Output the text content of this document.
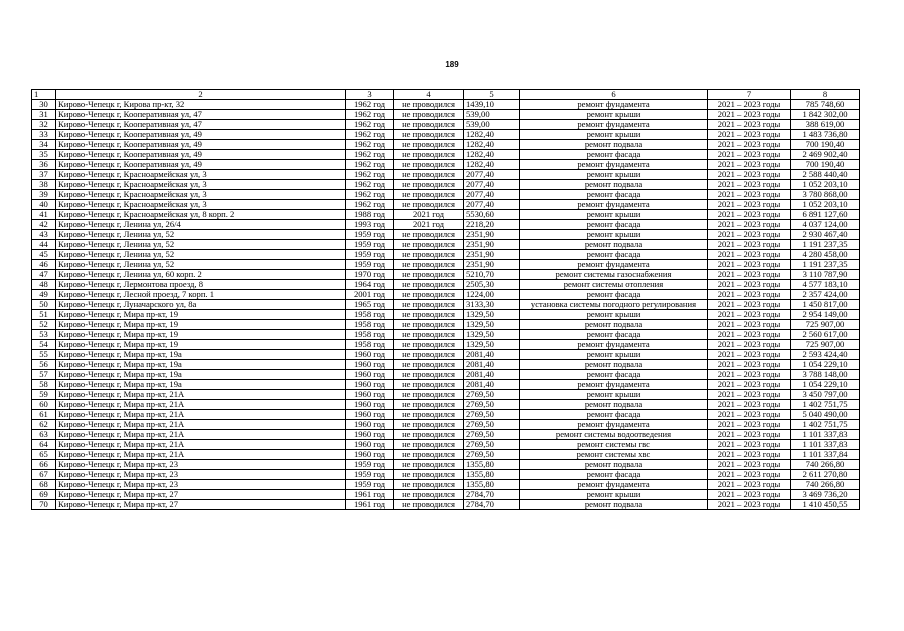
189
1	2	3	4	5	6	7	8
30	Кирово-Чепецк г, Кирова пр-кт, 32	1962 год	не проводился	1439,10	ремонт фундамента	2021 – 2023 годы	785 748,60
31	Кирово-Чепецк г, Кооперативная ул, 47	1962 год	не проводился	539,00	ремонт крыши	2021 – 2023 годы	1 842 302,00
32	Кирово-Чепецк г, Кооперативная ул, 47	1962 год	не проводился	539,00	ремонт фундамента	2021 – 2023 годы	388 619,00
33	Кирово-Чепецк г, Кооперативная ул, 49	1962 год	не проводился	1282,40	ремонт крыши	2021 – 2023 годы	1 483 736,80
34	Кирово-Чепецк г, Кооперативная ул, 49	1962 год	не проводился	1282,40	ремонт подвала	2021 – 2023 годы	700 190,40
35	Кирово-Чепецк г, Кооперативная ул, 49	1962 год	не проводился	1282,40	ремонт фасада	2021 – 2023 годы	2 469 902,40
36	Кирово-Чепецк г, Кооперативная ул, 49	1962 год	не проводился	1282,40	ремонт фундамента	2021 – 2023 годы	700 190,40
37	Кирово-Чепецк г, Красноармейская ул, 3	1962 год	не проводился	2077,40	ремонт крыши	2021 – 2023 годы	2 588 440,40
38	Кирово-Чепецк г, Красноармейская ул, 3	1962 год	не проводился	2077,40	ремонт подвала	2021 – 2023 годы	1 052 203,10
39	Кирово-Чепецк г, Красноармейская ул, 3	1962 год	не проводился	2077,40	ремонт фасада	2021 – 2023 годы	3 780 868,00
40	Кирово-Чепецк г, Красноармейская ул, 3	1962 год	не проводился	2077,40	ремонт фундамента	2021 – 2023 годы	1 052 203,10
41	Кирово-Чепецк г, Красноармейская ул, 8 корп. 2	1988 год	2021 год	5530,60	ремонт крыши	2021 – 2023 годы	6 891 127,60
42	Кирово-Чепецк г, Ленина ул, 26/4	1993 год	2021 год	2218,20	ремонт фасада	2021 – 2023 годы	4 037 124,00
43	Кирово-Чепецк г, Ленина ул, 52	1959 год	не проводился	2351,90	ремонт крыши	2021 – 2023 годы	2 930 467,40
44	Кирово-Чепецк г, Ленина ул, 52	1959 год	не проводился	2351,90	ремонт подвала	2021 – 2023 годы	1 191 237,35
45	Кирово-Чепецк г, Ленина ул, 52	1959 год	не проводился	2351,90	ремонт фасада	2021 – 2023 годы	4 280 458,00
46	Кирово-Чепецк г, Ленина ул, 52	1959 год	не проводился	2351,90	ремонт фундамента	2021 – 2023 годы	1 191 237,35
47	Кирово-Чепецк г, Ленина ул, 60 корп. 2	1970 год	не проводился	5210,70	ремонт системы газоснабжения	2021 – 2023 годы	3 110 787,90
48	Кирово-Чепецк г, Лермонтова проезд, 8	1964 год	не проводился	2505,30	ремонт системы отопления	2021 – 2023 годы	4 577 183,10
49	Кирово-Чепецк г, Лесной проезд, 7 корп. 1	2001 год	не проводился	1224,00	ремонт фасада	2021 – 2023 годы	2 357 424,00
50	Кирово-Чепецк г, Луначарского ул, 8а	1965 год	не проводился	3133,30	установка системы погодного регулирования	2021 – 2023 годы	1 450 817,00
51	Кирово-Чепецк г, Мира пр-кт, 19	1958 год	не проводился	1329,50	ремонт крыши	2021 – 2023 годы	2 954 149,00
52	Кирово-Чепецк г, Мира пр-кт, 19	1958 год	не проводился	1329,50	ремонт подвала	2021 – 2023 годы	725 907,00
53	Кирово-Чепецк г, Мира пр-кт, 19	1958 год	не проводился	1329,50	ремонт фасада	2021 – 2023 годы	2 560 617,00
54	Кирово-Чепецк г, Мира пр-кт, 19	1958 год	не проводился	1329,50	ремонт фундамента	2021 – 2023 годы	725 907,00
55	Кирово-Чепецк г, Мира пр-кт, 19а	1960 год	не проводился	2081,40	ремонт крыши	2021 – 2023 годы	2 593 424,40
56	Кирово-Чепецк г, Мира пр-кт, 19а	1960 год	не проводился	2081,40	ремонт подвала	2021 – 2023 годы	1 054 229,10
57	Кирово-Чепецк г, Мира пр-кт, 19а	1960 год	не проводился	2081,40	ремонт фасада	2021 – 2023 годы	3 788 148,00
58	Кирово-Чепецк г, Мира пр-кт, 19а	1960 год	не проводился	2081,40	ремонт фундамента	2021 – 2023 годы	1 054 229,10
59	Кирово-Чепецк г, Мира пр-кт, 21А	1960 год	не проводился	2769,50	ремонт крыши	2021 – 2023 годы	3 450 797,00
60	Кирово-Чепецк г, Мира пр-кт, 21А	1960 год	не проводился	2769,50	ремонт подвала	2021 – 2023 годы	1 402 751,75
61	Кирово-Чепецк г, Мира пр-кт, 21А	1960 год	не проводился	2769,50	ремонт фасада	2021 – 2023 годы	5 040 490,00
62	Кирово-Чепецк г, Мира пр-кт, 21А	1960 год	не проводился	2769,50	ремонт фундамента	2021 – 2023 годы	1 402 751,75
63	Кирово-Чепецк г, Мира пр-кт, 21А	1960 год	не проводился	2769,50	ремонт системы водоотведения	2021 – 2023 годы	1 101 337,83
64	Кирово-Чепецк г, Мира пр-кт, 21А	1960 год	не проводился	2769,50	ремонт системы гвс	2021 – 2023 годы	1 101 337,83
65	Кирово-Чепецк г, Мира пр-кт, 21А	1960 год	не проводился	2769,50	ремонт системы хвс	2021 – 2023 годы	1 101 337,84
66	Кирово-Чепецк г, Мира пр-кт, 23	1959 год	не проводился	1355,80	ремонт подвала	2021 – 2023 годы	740 266,80
67	Кирово-Чепецк г, Мира пр-кт, 23	1959 год	не проводился	1355,80	ремонт фасада	2021 – 2023 годы	2 611 270,80
68	Кирово-Чепецк г, Мира пр-кт, 23	1959 год	не проводился	1355,80	ремонт фундамента	2021 – 2023 годы	740 266,80
69	Кирово-Чепецк г, Мира пр-кт, 27	1961 год	не проводился	2784,70	ремонт крыши	2021 – 2023 годы	3 469 736,20
70	Кирово-Чепецк г, Мира пр-кт, 27	1961 год	не проводился	2784,70	ремонт подвала	2021 – 2023 годы	1 410 450,55
